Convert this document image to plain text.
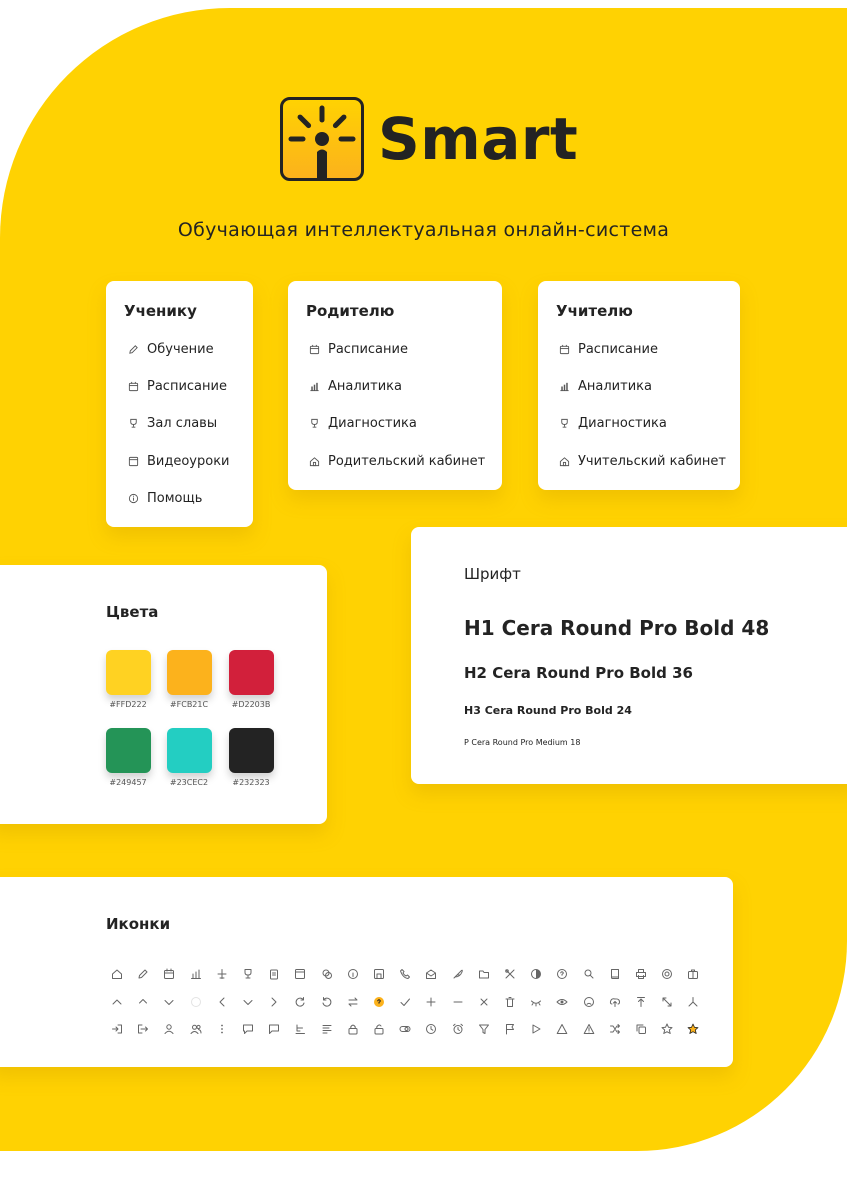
Smart
Обучающая интеллектуальная онлайн-система
Ученику
Обучение
Расписание
Зал славы
Видеоуроки
Помощь
Родителю
Расписание
Аналитика
Диагностика
Родительский кабинет
Учителю
Расписание
Аналитика
Диагностика
Учительский кабинет
Цвета
#FFD222	#FCB21C	#D2203B
#249457	#23CEC2	#232323
Шрифт
H1 Cera Round Pro Bold 48
H2 Cera Round Pro Bold 36
H3 Cera Round Pro Bold 24
P Cera Round Pro Medium 18
Иконки
